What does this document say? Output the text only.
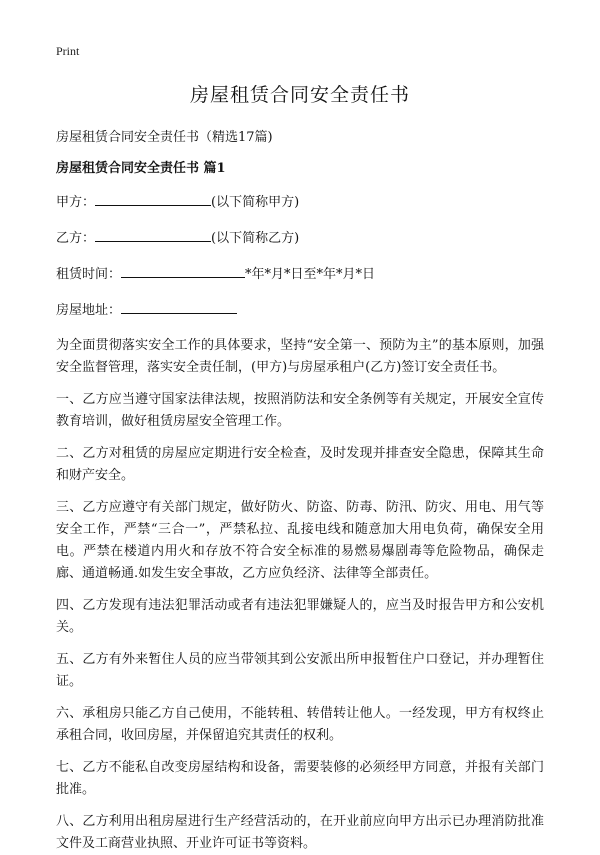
Print
房屋租赁合同安全责任书
房屋租赁合同安全责任书（精选17篇)
房屋租赁合同安全责任书 篇1
甲方：	(以下简称甲方)
乙方：	(以下简称乙方)
租赁时间：	*年*月*日至*年*月*日
房屋地址：

为全面贯彻落实安全工作的具体要求，坚持“安全第一、预防为主”的基本原则，加强安全监督管理，落实安全责任制，(甲方)与房屋承租户(乙方)签订安全责任书。

一、乙方应当遵守国家法律法规，按照消防法和安全条例等有关规定，开展安全宣传教育培训，做好租赁房屋安全管理工作。

二、乙方对租赁的房屋应定期进行安全检查，及时发现并排查安全隐患，保障其生命和财产安全。

三、乙方应遵守有关部门规定，做好防火、防盗、防毒、防汛、防灾、用电、用气等安全工作，严禁“三合一”，严禁私拉、乱接电线和随意加大用电负荷，确保安全用电。严禁在楼道内用火和存放不符合安全标准的易燃易爆剧毒等危险物品，确保走廊、通道畅通.如发生安全事故，乙方应负经济、法律等全部责任。

四、乙方发现有违法犯罪活动或者有违法犯罪嫌疑人的，应当及时报告甲方和公安机关。

五、乙方有外来暂住人员的应当带领其到公安派出所申报暂住户口登记，并办理暂住证。

六、承租房只能乙方自己使用，不能转租、转借转让他人。一经发现，甲方有权终止承租合同，收回房屋，并保留追究其责任的权利。

七、乙方不能私自改变房屋结构和设备，需要装修的必须经甲方同意，并报有关部门批准。

八、乙方利用出租房屋进行生产经营活动的，在开业前应向甲方出示已办理消防批准文件及工商营业执照、开业许可证书等资料。
